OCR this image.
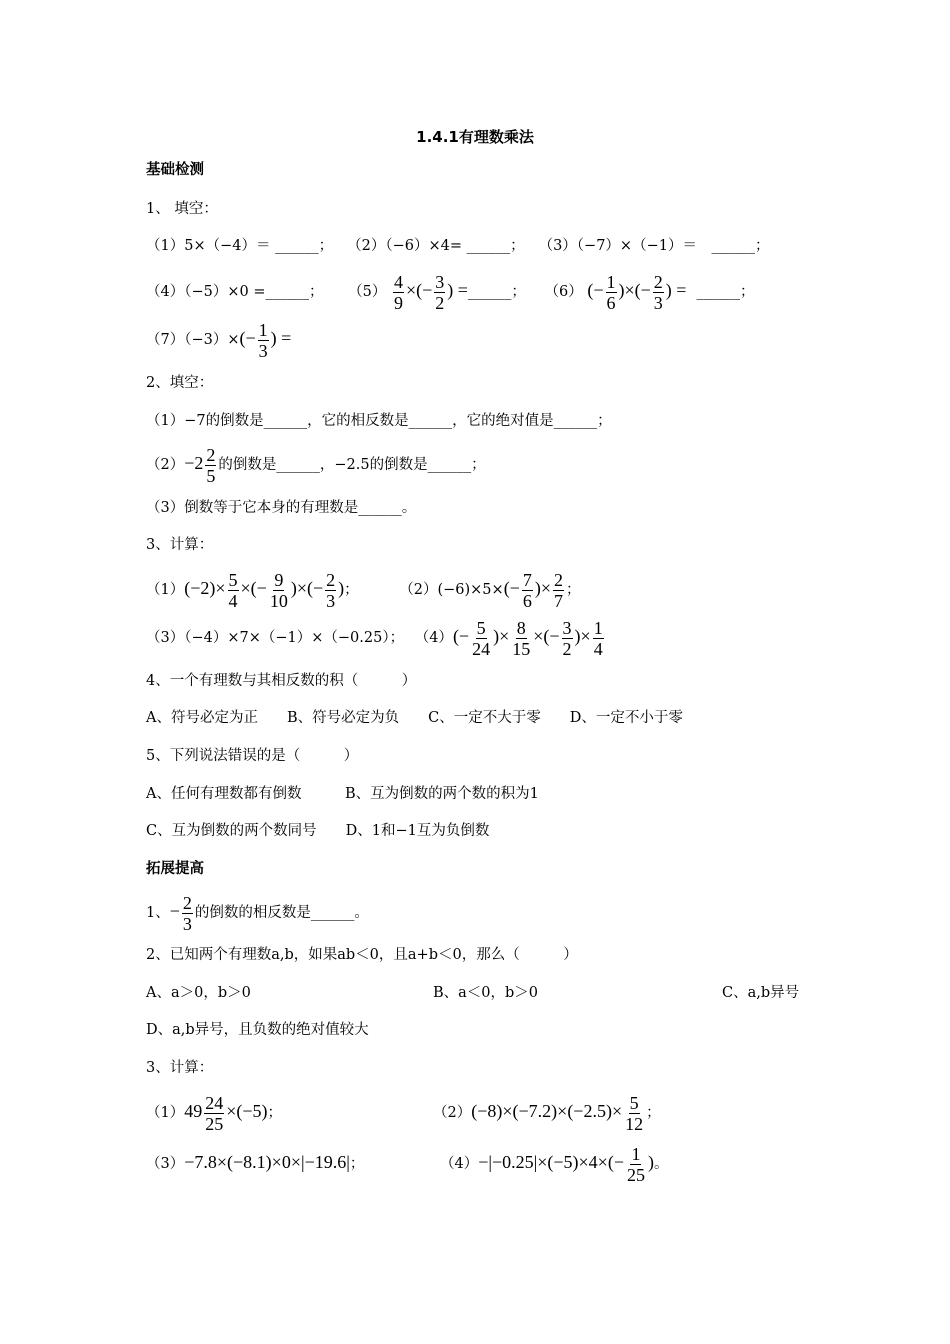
1.4.1有理数乘法
基础检测
1、 填空：
（1）5×（−4）＝ ______； （2）（−6）×4= ______； （3）（−7）×（−1）＝　______；
（4）（−5）×0 =______； $(5) \frac{4}{9}$ ×(− $\frac{3}{2}$ ) =______； （6） (− $\frac{1}{6}$ )×(− $\frac{2}{3}$ ) = ______；
$(7)(-3)\times(- \frac{1}{3}$ ) =
2、填空：
（1）−7的倒数是______，它的相反数是______，它的绝对值是______；
$(2)-2 \frac{2}{5}$ 的倒数是______，−2.5的倒数是______；
（3）倒数等于它本身的有理数是______。
3、计算：
$(1)(-2)\times \frac{5}{4}$ ×(− $\frac{9}{10}$ )×(− $\frac{2}{3}$ )；	$(2)(-6)\times 5\times(- \frac{7}{6}$ )× $\frac{2}{7}$ ；
（3）（−4）×7×（−1）×（−0.25）； $(4)(- \frac{5}{24}$ )× $\frac{8}{15}$ ×(− $\frac{3}{2}$ )× $\frac{1}{4}$
4、一个有理数与其相反数的积（　　　）
A、符号必定为正　　B、符号必定为负　　C、一定不大于零　　D、一定不小于零
5、下列说法错误的是（　　　）
A、任何有理数都有倒数　　　B、互为倒数的两个数的积为1
C、互为倒数的两个数同号　　D、1和−1互为负倒数
拓展提高
1、− $\frac{2}{3}$ 的倒数的相反数是______。
2、已知两个有理数a,b，如果ab＜0，且a+b＜0，那么（　　　）
A、a＞0，b＞0	B、a＜0，b＞0	C、a,b异号
D、a,b异号，且负数的绝对值较大
3、计算：
$(1)49 \frac{24}{25} \times(-5)$；	$(2)(-8)\times(-7.2)\times(-2.5)\times \frac{5}{12}$ ；
（3）−7.8×(−8.1)×0×|−19.6|；	$(4)-|-0.25|\times(-5)\times 4\times(- \frac{1}{25}$ )。
